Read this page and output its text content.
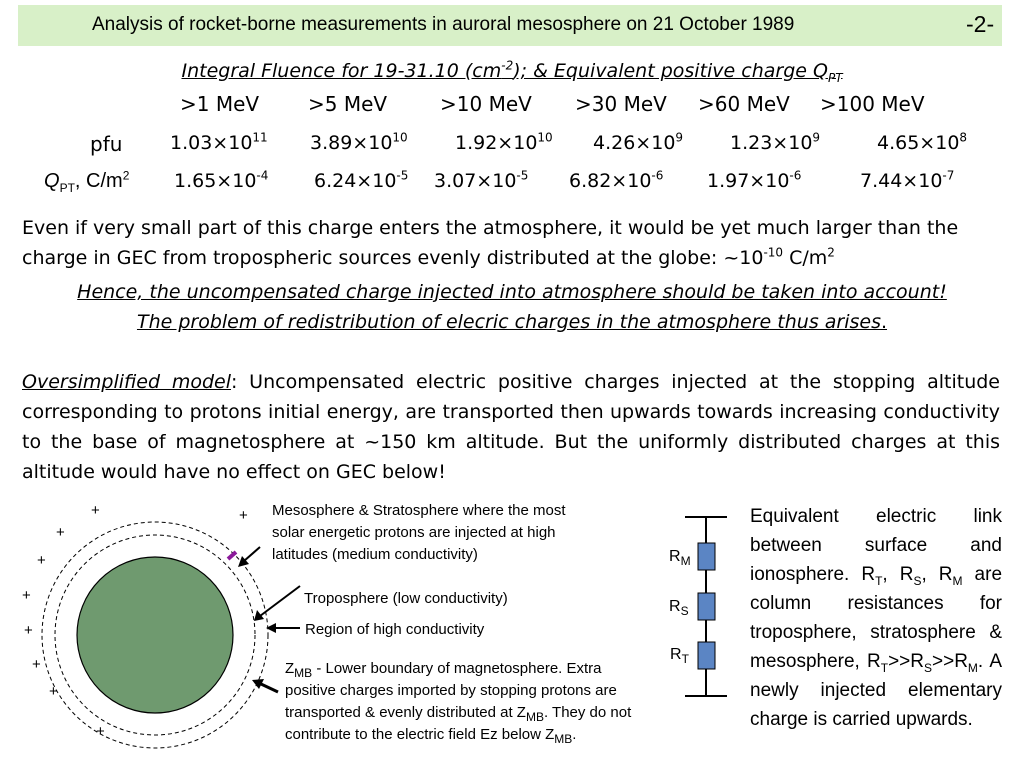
Analysis of rocket-borne measurements in auroral mesosphere on 21 October 1989	-2-
Integral Fluence for 19-31.10 $(cm^{-2})$; & Equivalent positive charge $Q_{PT}$
>1 MeV >5 MeV	>10 MeV >30 MeV >60 MeV >100 MeV
pfu	$1.03\times 10^{11}$ $3.89\times 10^{10}$ $1.92\times 10^{10}$ $4.26\times 10^9$ $1.23\times 10^9$	$4.65\times 10^8$
$Q_{PT}$, $C/m^2$ $1.65\times 10^{-4}$ $6.24\times 10^{-5}$ $3.07\times 10^{-5}$ $6.82\times 10^{-6}$ $1.97\times 10^{-6}$	$7.44\times 10^{-7}$
Even if very small part of this charge enters the atmosphere, it would be yet much larger than the charge in GEC from tropospheric sources evenly distributed at the globe: $\sim 10^{-10}$ $C/m^2$
Hence, the uncompensated charge injected into atmosphere should be taken into account!
The problem of redistribution of elecric charges in the atmosphere thus arises.
Oversimplified model: Uncompensated electric positive charges injected at the stopping altitude corresponding to protons initial energy, are transported then upwards towards increasing conductivity to the base of magnetosphere at ~150 km altitude. But the uniformly distributed charges at this altitude would have no effect on GEC below!
+	+
+
+
+
+
+
+
+
Mesosphere & Stratosphere where the most solar energetic protons are injected at high latitudes (medium conductivity)
Troposphere (low conductivity)
Region of high conductivity
$Z_{MB}$ - Lower boundary of magnetosphere. Extra positive charges imported by stopping protons are transported & evenly distributed at $Z_{MB}$. They do not contribute to the electric field Ez below $Z_{MB}$.
$R_M$
$R_S$
$R_T$
Equivalent electric link between surface and ionosphere. $R_T$, $R_S$, $R_M$ are column resistances for troposphere, stratosphere & mesosphere, $R_T>>R_S>>R_M$. A newly injected elementary charge is carried upwards.
